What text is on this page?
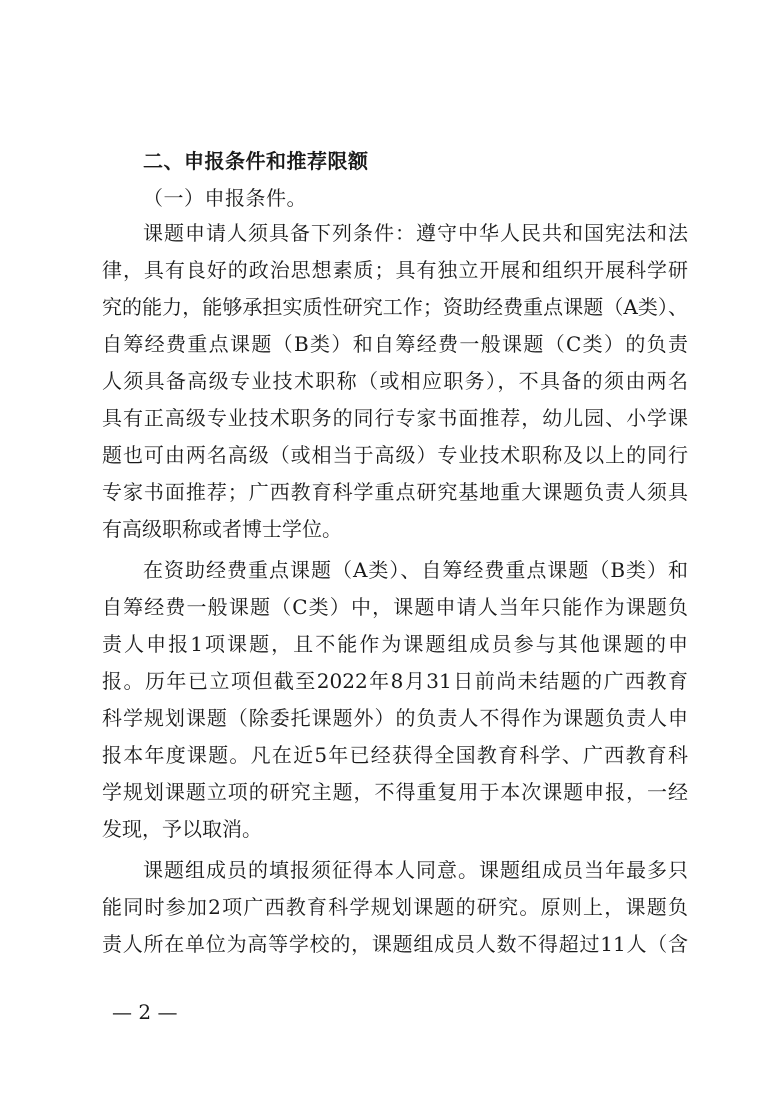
二、申报条件和推荐限额
（一）申报条件。
课题申请人须具备下列条件：遵守中华人民共和国宪法和法
律，具有良好的政治思想素质；具有独立开展和组织开展科学研
究的能力，能够承担实质性研究工作；资助经费重点课题（A类）、
自筹经费重点课题（B类）和自筹经费一般课题（C类）的负责
人须具备高级专业技术职称（或相应职务），不具备的须由两名
具有正高级专业技术职务的同行专家书面推荐，幼儿园、小学课
题也可由两名高级（或相当于高级）专业技术职称及以上的同行
专家书面推荐；广西教育科学重点研究基地重大课题负责人须具
有高级职称或者博士学位。
在资助经费重点课题（A类）、自筹经费重点课题（B类）和
自筹经费一般课题（C类）中，课题申请人当年只能作为课题负
责人申报1项课题，且不能作为课题组成员参与其他课题的申
报。历年已立项但截至2022年8月31日前尚未结题的广西教育
科学规划课题（除委托课题外）的负责人不得作为课题负责人申
报本年度课题。凡在近5年已经获得全国教育科学、广西教育科
学规划课题立项的研究主题，不得重复用于本次课题申报，一经
发现，予以取消。
课题组成员的填报须征得本人同意。课题组成员当年最多只
能同时参加2项广西教育科学规划课题的研究。原则上，课题负
责人所在单位为高等学校的，课题组成员人数不得超过11人（含
— 2 —
